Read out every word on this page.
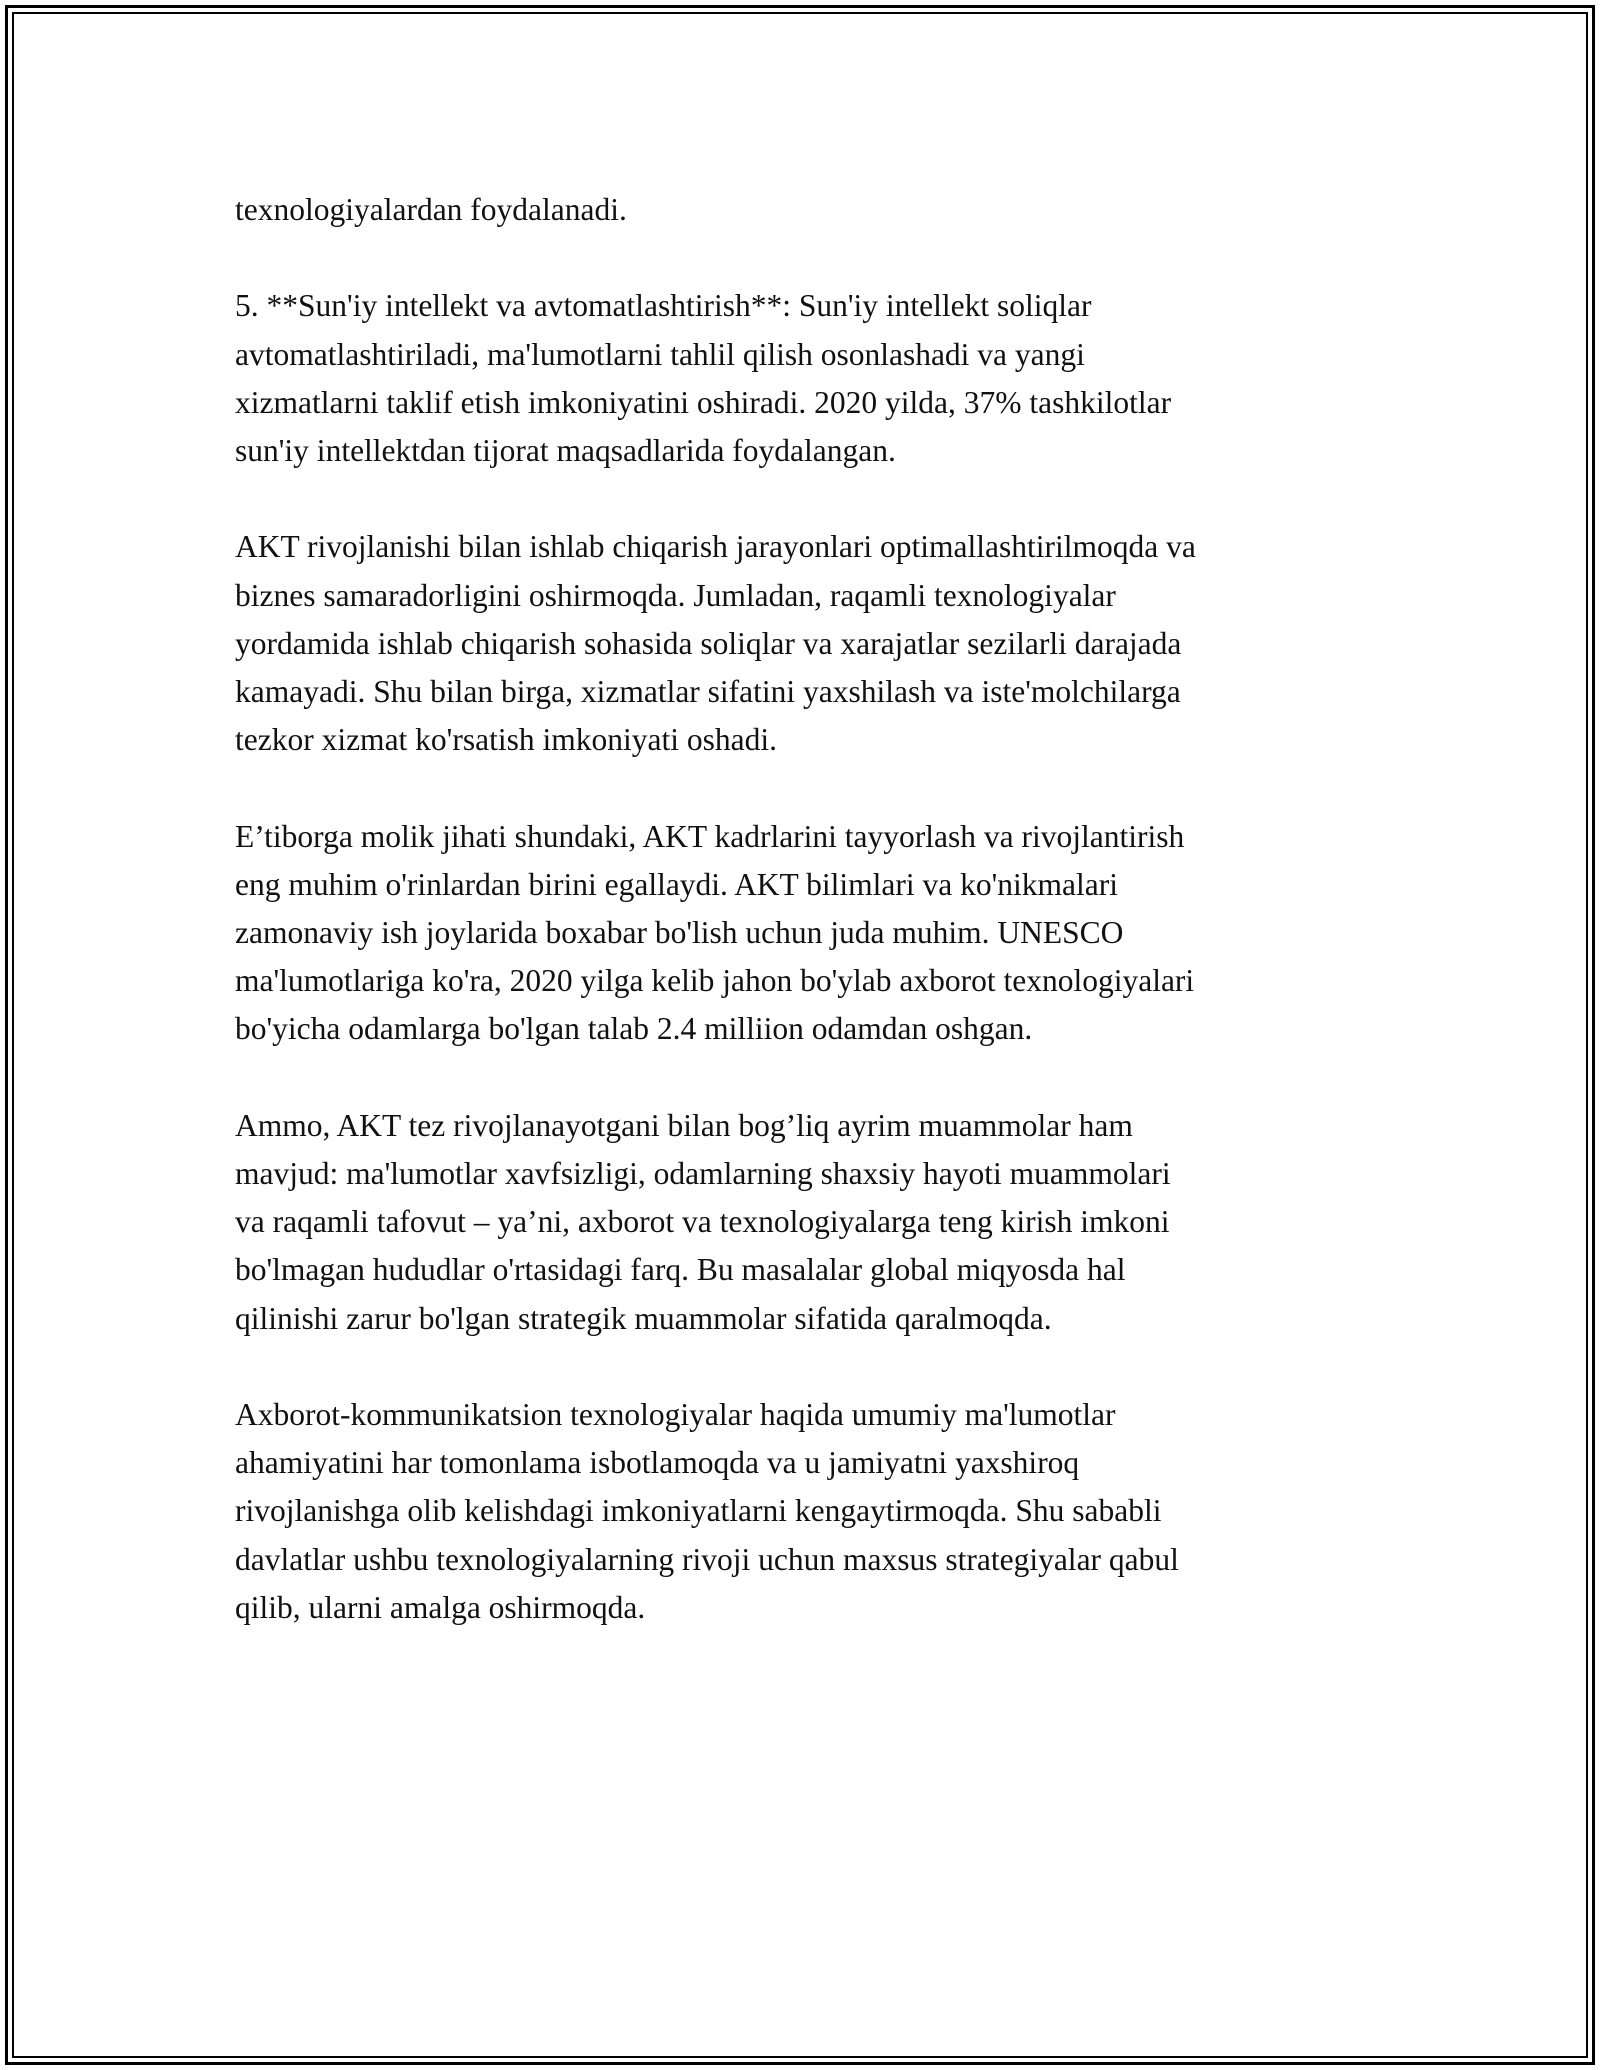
texnologiyalardan foydalanadi.

5. **Sun'iy intellekt va avtomatlashtirish**: Sun'iy intellekt soliqlar
avtomatlashtiriladi, ma'lumotlarni tahlil qilish osonlashadi va yangi
xizmatlarni taklif etish imkoniyatini oshiradi. 2020 yilda, 37% tashkilotlar
sun'iy intellektdan tijorat maqsadlarida foydalangan.

AKT rivojlanishi bilan ishlab chiqarish jarayonlari optimallashtirilmoqda va
biznes samaradorligini oshirmoqda. Jumladan, raqamli texnologiyalar
yordamida ishlab chiqarish sohasida soliqlar va xarajatlar sezilarli darajada
kamayadi. Shu bilan birga, xizmatlar sifatini yaxshilash va iste'molchilarga
tezkor xizmat ko'rsatish imkoniyati oshadi.

E’tiborga molik jihati shundaki, AKT kadrlarini tayyorlash va rivojlantirish
eng muhim o'rinlardan birini egallaydi. AKT bilimlari va ko'nikmalari
zamonaviy ish joylarida boxabar bo'lish uchun juda muhim. UNESCO
ma'lumotlariga ko'ra, 2020 yilga kelib jahon bo'ylab axborot texnologiyalari
bo'yicha odamlarga bo'lgan talab 2.4 milliion odamdan oshgan.

Ammo, AKT tez rivojlanayotgani bilan bog’liq ayrim muammolar ham
mavjud: ma'lumotlar xavfsizligi, odamlarning shaxsiy hayoti muammolari
va raqamli tafovut – ya’ni, axborot va texnologiyalarga teng kirish imkoni
bo'lmagan hududlar o'rtasidagi farq. Bu masalalar global miqyosda hal
qilinishi zarur bo'lgan strategik muammolar sifatida qaralmoqda.

Axborot-kommunikatsion texnologiyalar haqida umumiy ma'lumotlar
ahamiyatini har tomonlama isbotlamoqda va u jamiyatni yaxshiroq
rivojlanishga olib kelishdagi imkoniyatlarni kengaytirmoqda. Shu sababli
davlatlar ushbu texnologiyalarning rivoji uchun maxsus strategiyalar qabul
qilib, ularni amalga oshirmoqda.
